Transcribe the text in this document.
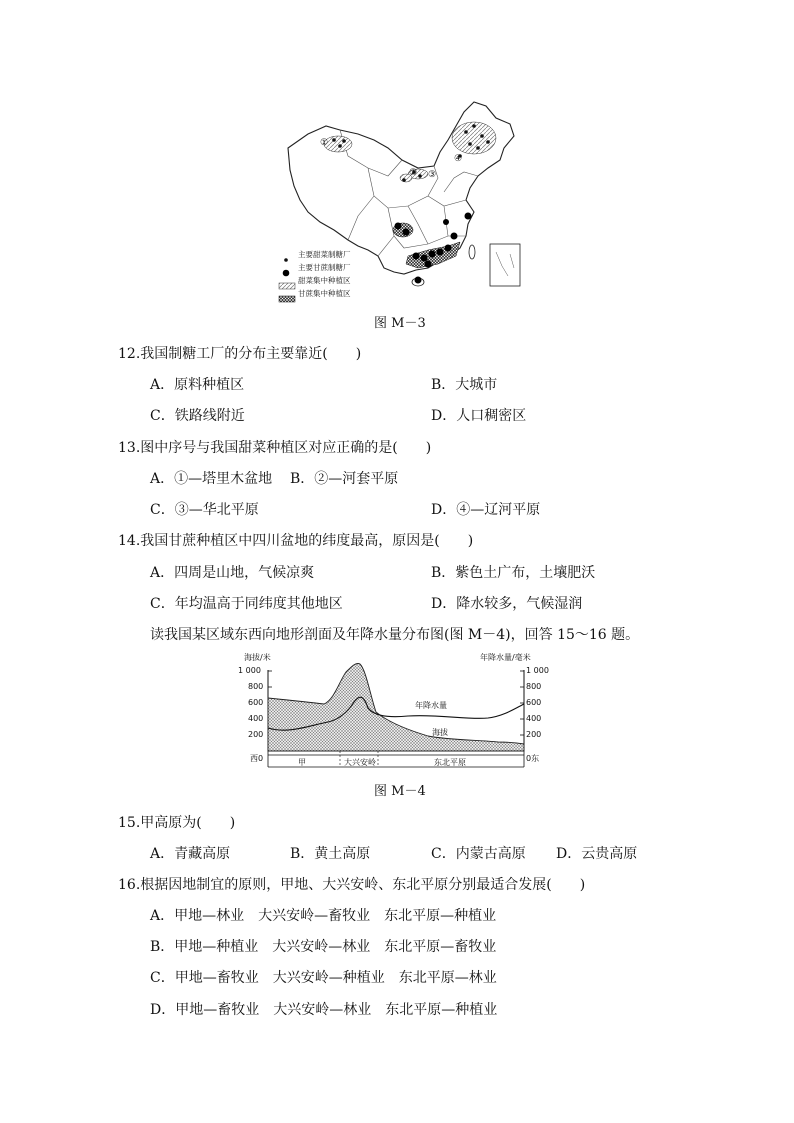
①
② ③
④
主要甜菜制糖厂
主要甘蔗制糖厂
甜菜集中种植区
甘蔗集中种植区
图 M－3
12.我国制糖工厂的分布主要靠近(　　)
A．原料种植区	B．大城市
C．铁路线附近	D．人口稠密区
13.图中序号与我国甜菜种植区对应正确的是(　　)
A．①—塔里木盆地 B．②—河套平原
C．③—华北平原	D．④—辽河平原
14.我国甘蔗种植区中四川盆地的纬度最高，原因是(　　)
A．四周是山地，气候凉爽	B．紫色土广布，土壤肥沃
C．年均温高于同纬度其他地区	D．降水较多，气候湿润
读我国某区域东西向地形剖面及年降水量分布图(图 M－4)，回答 15～16 题。
海拔/米	年降水量/毫米
1 000
800
600
400
200
西0
1 000
800
600
400
200
0东
年降水量
海拔
甲	大兴安岭	东北平原
图 M－4
15.甲高原为(　　)
A．青藏高原	B．黄土高原	C．内蒙古高原 D．云贵高原
16.根据因地制宜的原则，甲地、大兴安岭、东北平原分别最适合发展(　　)
A．甲地—林业　大兴安岭—畜牧业　东北平原—种植业
B．甲地—种植业　大兴安岭—林业　东北平原—畜牧业
C．甲地—畜牧业　大兴安岭—种植业　东北平原—林业
D．甲地—畜牧业　大兴安岭—林业　东北平原—种植业
